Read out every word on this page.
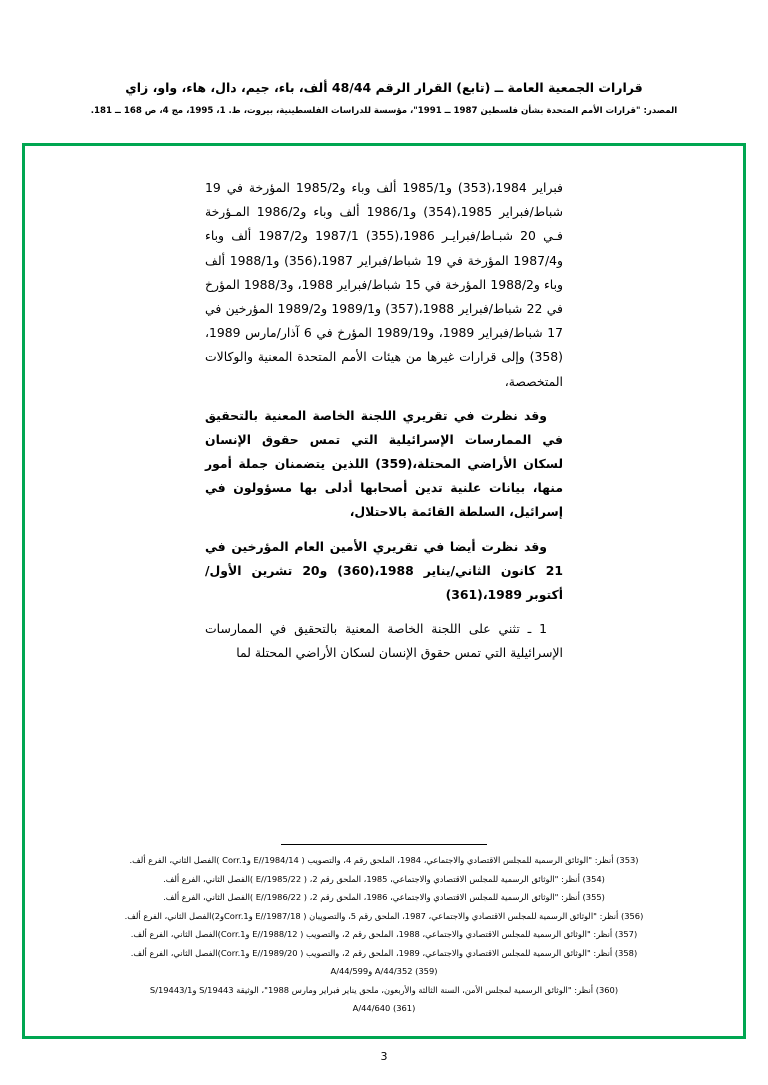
قرارات الجمعية العامة ــ (تابع) القرار الرقم 48/44 ألف، باء، جيم، دال، هاء، واو، زاي

المصدر: "قرارات الأمم المتحدة بشأن فلسطين 1987 ــ 1991"، مؤسسة للدراسات الفلسطينية، بيروت، ط. 1، 1995، مج 4، ص 168 ــ 181.

فبراير 1984،(353) و1985/1 ألف وباء و1985/2 المؤرخة في 19 شباط/فبراير 1985،(354) و1986/1 ألف وباء و1986/2 المـؤرخة فـي 20 شبـاط/فبرايـر 1986،(355) 1987/1 و1987/2 ألف وباء و1987/4 المؤرخة في 19 شباط/فبراير 1987،(356) و1988/1 ألف وباء و1988/2 المؤرخة في 15 شباط/فبراير 1988، و1988/3 المؤرخ في 22 شباط/فبراير 1988،(357) و1989/1 و1989/2 المؤرخين في 17 شباط/فبراير 1989، و1989/19 المؤرخ في 6 آذار/مارس 1989،(358) وإلى قرارات غيرها من هيئات الأمم المتحدة المعنية والوكالات المتخصصة،

وقد نظرت في تقريري اللجنة الخاصة المعنية بالتحقيق في الممارسات الإسرائيلية التي تمس حقوق الإنسان لسكان الأراضي المحتلة،(359) اللذين يتضمنان جملة أمور منها، بيانات علنية تدين أصحابها أدلى بها مسؤولون في إسرائيل، السلطة القائمة بالاحتلال،

وقد نظرت أيضا في تقريري الأمين العام المؤرخين في 21 كانون الثاني/يناير 1988،(360) و20 تشرين الأول/أكتوبر 1989،(361)

1 ـ تثني على اللجنة الخاصة المعنية بالتحقيق في الممارسات الإسرائيلية التي تمس حقوق الإنسان لسكان الأراضي المحتلة لما

(353) أنظر: "الوثائق الرسمية للمجلس الاقتصادي والاجتماعي، 1984، الملحق رقم 4، والتصويب ( E//1984/14 وCorr.1 )الفصل الثاني، الفرع ألف.
(354) أنظر: "الوثائق الرسمية للمجلس الاقتصادي والاجتماعي، 1985، الملحق رقم 2، ( E//1985/22 )الفصل الثاني، الفرع ألف.
(355) أنظر: "الوثائق الرسمية للمجلس الاقتصادي والاجتماعي، 1986، الملحق رقم 2، ( E//1986/22 )الفصل الثاني، الفرع ألف.
(356) أنظر: "الوثائق الرسمية للمجلس الاقتصادي والاجتماعي، 1987، الملحق رقم 5، والتصويبان ( E//1987/18 وCorr.1و2)الفصل الثاني، الفرع ألف.
(357) أنظر: "الوثائق الرسمية للمجلس الاقتصادي والاجتماعي، 1988، الملحق رقم 2، والتصويب ( E//1988/12 وCorr.1)الفصل الثاني، الفرع ألف.
(358) أنظر: "الوثائق الرسمية للمجلس الاقتصادي والاجتماعي، 1989، الملحق رقم 2، والتصويب ( E//1989/20 وCorr.1)الفصل الثاني، الفرع ألف.
(359) A/44/352 وA/44/599
(360) أنظر: "الوثائق الرسمية لمجلس الأمن، السنة الثالثة والأربعون، ملحق يناير فبراير ومارس 1988"، الوثيقة S/19443 وS/19443/1
(361) A/44/640
3
